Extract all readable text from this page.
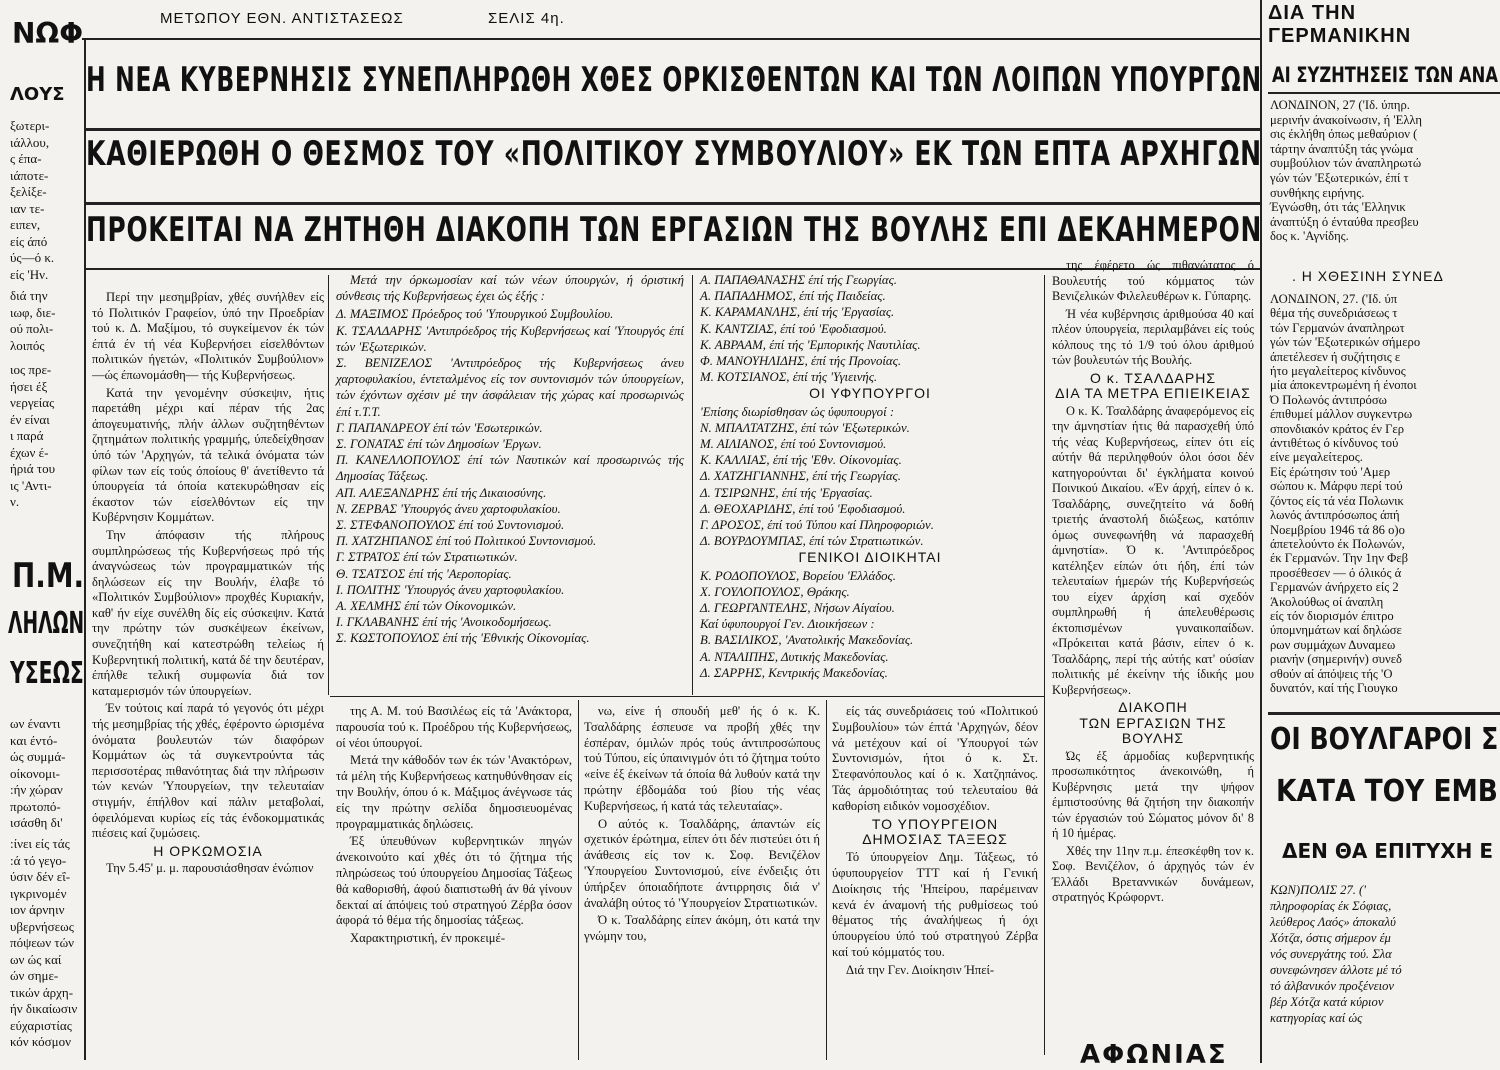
ΜΕΤΩΠΟΥ ΕΘΝ. ΑΝΤΙΣΤΑΣΕΩΣ	ΣΕΛΙΣ 4η.	ΔΙΑ ΤΗΝ ΓΕΡΜΑΝΙΚΗΝ
Η ΝΕΑ ΚΥΒΕΡΝΗΣΙΣ ΣΥΝΕΠΛΗΡΩΘΗ ΧΘΕΣ ΟΡΚΙΣΘΕΝΤΩΝ ΚΑΙ ΤΩΝ ΛΟΙΠΩΝ ΥΠΟΥΡΓΩΝ
ΚΑΘΙΕΡΩΘΗ Ο ΘΕΣΜΟΣ ΤΟΥ «ΠΟΛΙΤΙΚΟΥ ΣΥΜΒΟΥΛΙΟΥ» ΕΚ ΤΩΝ ΕΠΤΑ ΑΡΧΗΓΩΝ
ΠΡΟΚΕΙΤΑΙ ΝΑ ΖΗΤΗΘΗ ΔΙΑΚΟΠΗ ΤΩΝ ΕΡΓΑΣΙΩΝ ΤΗΣ ΒΟΥΛΗΣ ΕΠΙ ΔΕΚΑΗΜΕΡΟΝ
ΝΩΦ
ΛΟΥΣ
ξωτερι-
ιάλλου,
ς έπα-
ιάποτε-
ξελίξε-
ιαν τε-
ειπεν,
είς άπό
ύς—ό κ.
είς 'Ην.
διά την
ιωφ, διε-
ού πολι-
λοιπός
ιος πρε-
ήσει έξ
νεργείας
έν είναι
ι παρά
έχων έ-
ήριά του
ις 'Αντι-
ν.
Π.Μ.
ΛΗΛΩΝ
ΥΣΕΩΣ
ων έναντι
και έντό-
ώς συμμά-
οίκονομι-
:ήν χώραν
πρωτοπό-
ισάσθη δι'
:ίνει είς τάς
:ά τό γεγο-
ύσιν δέν εΐ-
ιγκρινομέν
ιον άρνηιν
υβερνήσεως
πόψεων τών
ων ώς καί
ών σημε-
τικών άρχη-
ήν δικαίωσιν
εύχαριστίας
κόν κόσμον

Περί την μεσημβρίαν, χθές συνήλθεν είς τό Πολιτικόν Γραφείον, ύπό την Προεδρίαν τού κ. Δ. Μαξίμου, τό συγκείμενον έκ τών έπτά έν τή νέα Κυβερνήσει είσελθόντων πολιτικών ήγετών, «Πολιτικόν Συμβούλιον» —ώς έπωνομάσθη— τής Κυβερνήσεως.

Κατά την γενομένην σύσκεψιν, ήτις παρετάθη μέχρι καί πέραν τής 2ας άπογευματινής, πλήν άλλων συζητηθέντων ζητημάτων πολιτικής γραμμής, ύπεδείχθησαν ύπό τών 'Αρχηγών, τά τελικά όνόματα τών φίλων των είς τούς όποίους θ' άνετίθεντο τά ύπουργεία τά όποία κατεκυρώθησαν είς έκαστον τών είσελθόντων είς την Κυβέρνησιν Κομμάτων.

Την άπόφασιν τής πλήρους συμπληρώσεως τής Κυβερνήσεως πρό τής άναγνώσεως τών προγραμματικών τής δηλώσεων είς την Βουλήν, έλαβε τό «Πολιτικόν Συμβούλιον» προχθές Κυριακήν, καθ' ήν είχε συνέλθη δίς είς σύσκεψιν. Κατά την πρώτην τών συσκέψεων έκείνων, συνεζητήθη καί κατεστρώθη τελείως ή Κυβερνητική πολιτική, κατά δέ την δευτέραν, έπήλθε τελική συμφωνία διά τον καταμερισμόν τών ύπουργείων.

Έν τούτοις καί παρά τό γεγονός ότι μέχρι τής μεσημβρίας τής χθές, έφέροντο ώρισμένα όνόματα βουλευτών τών διαφόρων Κομμάτων ώς τά συγκεντρούντα τάς περισσοτέρας πιθανότητας διά την πλήρωσιν τών κενών 'Υπουργείων, την τελευταίαν στιγμήν, έπήλθον καί πάλιν μεταβολαί, όφειλόμεναι κυρίως είς τάς ένδοκομματικάς πιέσεις καί ζυμώσεις.

Η ΟΡΚΩΜΟΣΙΑ

Την 5.45' μ. μ. παρουσιάσθησαν ένώπιον

Μετά την όρκωμοσίαν καί τών νέων ύπουργών, ή όριστική σύνθεσις τής Κυβερνήσεως έχει ώς έξής :

Δ. ΜΑΞΙΜΟΣ Πρόεδρος τού 'Υπουργικού Συμβουλίου.

Κ. ΤΣΑΛΔΑΡΗΣ 'Αντιπρόεδρος τής Κυβερνήσεως καί 'Υπουργός έπί τών 'Εξωτερικών.

Σ. ΒΕΝΙΖΕΛΟΣ 'Αντιπρόεδρος τής Κυβερνήσεως άνευ χαρτοφυλακίου, έντεταλμένος είς τον συντονισμόν τών ύπουργείων, τών έχόντων σχέσιν μέ την άσφάλειαν τής χώρας καί προσωρινώς έπί τ.Τ.Τ.

Γ. ΠΑΠΑΝΔΡΕΟΥ έπί τών 'Εσωτερικών.

Σ. ΓΟΝΑΤΑΣ έπί τών Δημοσίων 'Εργων.

Π. ΚΑΝΕΛΛΟΠΟΥΛΟΣ έπί τών Ναυτικών καί προσωρινώς τής Δημοσίας Τάξεως.

ΑΠ. ΑΛΕΞΑΝΔΡΗΣ έπί τής Δικαιοσύνης.

Ν. ΖΕΡΒΑΣ 'Υπουργός άνευ χαρτοφυλακίου.

Σ. ΣΤΕΦΑΝΟΠΟΥΛΟΣ έπί τού Συντονισμού.

Π. ΧΑΤΖΗΠΑΝΟΣ έπί τού Πολιτικού Συντονισμού.

Γ. ΣΤΡΑΤΟΣ έπί τών Στρατιωτικών.

Θ. ΤΣΑΤΣΟΣ έπί τής 'Αεροπορίας.

Ι. ΠΟΛΙΤΗΣ 'Υπουργός άνευ χαρτοφυλακίου.

Α. ΧΕΛΜΗΣ έπί τών Οίκονομικών.

Ι. ΓΚΛΑΒΑΝΗΣ έπί τής 'Ανοικοδομήσεως.

Σ. ΚΩΣΤΟΠΟΥΛΟΣ έπί τής 'Εθνικής Οίκονομίας.

Α. ΠΑΠΑΘΑΝΑΣΗΣ έπί τής Γεωργίας.

Α. ΠΑΠΑΔΗΜΟΣ, έπί τής Παιδείας.

Κ. ΚΑΡΑΜΑΝΛΗΣ, έπί τής 'Εργασίας.

Κ. ΚΑΝΤΖΙΑΣ, έπί τού 'Εφοδιασμού.

Κ. ΑΒΡΑΑΜ, έπί τής 'Εμπορικής Ναυτιλίας.

Φ. ΜΑΝΟΥΗΛΙΔΗΣ, έπί τής Προνοίας.

Μ. ΚΟΤΣΙΑΝΟΣ, έπί τής 'Υγιεινής.

ΟΙ ΥΦΥΠΟΥΡΓΟΙ

'Επίσης διωρίσθησαν ώς ύφυπουργοί :

Ν. ΜΠΑΛΤΑΤΖΗΣ, έπί τών 'Εξωτερικών.

Μ. ΑΙΛΙΑΝΟΣ, έπί τού Συντονισμού.

Κ. ΚΑΛΛΙΑΣ, έπί τής 'Εθν. Οίκονομίας.

Δ. ΧΑΤΖΗΓΙΑΝΝΗΣ, έπί τής Γεωργίας.

Δ. ΤΣΙΡΩΝΗΣ, έπί τής 'Εργασίας.

Δ. ΘΕΟΧΑΡΙΔΗΣ, έπί τού 'Εφοδιασμού.

Γ. ΔΡΟΣΟΣ, έπί τού Τύπου καί Πληροφοριών.

Δ. ΒΟΥΡΔΟΥΜΠΑΣ, έπί τών Στρατιωτικών.

ΓΕΝΙΚΟΙ ΔΙΟΙΚΗΤΑΙ

Κ. ΡΟΔΟΠΟΥΛΟΣ, Βορείου 'Ελλάδος.

Χ. ΓΟΥΛΟΠΟΥΛΟΣ, Θράκης.

Δ. ΓΕΩΡΓΑΝΤΕΛΗΣ, Νήσων Αίγαίου.

Καί ύφυπουργοί Γεν. Διοικήσεων :

Β. ΒΑΣΙΛΙΚΟΣ, 'Ανατολικής Μακεδονίας.

Α. ΝΤΑΛΙΠΗΣ, Δυτικής Μακεδονίας.

Δ. ΣΑΡΡΗΣ, Κεντρικής Μακεδονίας.

της έφέρετο ώς πιθανώτατος ό Βουλευτής τού κόμματος τών Βενιζελικών Φιλελευθέρων κ. Γύπαρης.

Ή νέα κυβέρνησις άριθμούσα 40 καί πλέον ύπουργεία, περιλαμβάνει είς τούς κόλπους της τό 1/9 τού όλου άριθμού τών βουλευτών τής Βουλής.

Ο κ. ΤΣΑΛΔΑΡΗΣ

ΔΙΑ ΤΑ ΜΕΤΡΑ ΕΠΙΕΙΚΕΙΑΣ

Ο κ. Κ. Τσαλδάρης άναφερόμενος είς την άμνηστίαν ήτις θά παρασχεθή ύπό τής νέας Κυβερνήσεως, είπεν ότι είς αύτήν θά περιληφθούν όλοι όσοι δέν κατηγορούνται δι' έγκλήματα κοινού Ποινικού Δικαίου. «Έν άρχή, είπεν ό κ. Τσαλδάρης, συνεζητείτο νά δοθή τριετής άναστολή διώξεως, κατόπιν όμως συνεφωνήθη νά παρασχεθή άμνηστία». Ό κ. 'Αντιπρόεδρος κατέληξεν είπών ότι ήδη, έπί τών τελευταίων ήμερών τής Κυβερνήσεώς του είχεν άρχίση καί σχεδόν συμπληρωθή ή άπελευθέρωσις έκτοπισμένων γυναικοπαίδων. «Πρόκειται κατά βάσιν, είπεν ό κ. Τσαλδάρης, περί τής αύτής κατ' ούσίαν πολιτικής μέ έκείνην τής ίδικής μου Κυβερνήσεως».

ΔΙΑΚΟΠΗ

ΤΩΝ ΕΡΓΑΣΙΩΝ ΤΗΣ ΒΟΥΛΗΣ

Ώς έξ άρμοδίας κυβερνητικής προσωπικότητος άνεκοινώθη, ή Κυβέρνησις μετά την ψήφον έμπιστοσύνης θά ζητήση την διακοπήν τών έργασιών τού Σώματος μόνον δι' 8 ή 10 ήμέρας.

Χθές την 11ην π.μ. έπεσκέφθη τον κ. Σοφ. Βενιζέλον, ό άρχηγός τών έν Έλλάδι Βρεταννικών δυνάμεων, στρατηγός Κρώφορντ.

της Α. Μ. τού Βασιλέως είς τά 'Ανάκτορα, παρουσία τού κ. Προέδρου τής Κυβερνήσεως, οί νέοι ύπουργοί.

Μετά την κάθοδόν των έκ τών 'Ανακτόρων, τά μέλη τής Κυβερνήσεως κατηυθύνθησαν είς την Βουλήν, όπου ό κ. Μάξιμος άνέγνωσε τάς είς την πρώτην σελίδα δημοσιευομένας προγραμματικάς δηλώσεις.

Έξ ύπευθύνων κυβερνητικών πηγών άνεκοινούτο καί χθές ότι τό ζήτημα τής πληρώσεως τού ύπουργείου Δημοσίας Τάξεως θά καθορισθή, άφού διαπιστωθή άν θά γίνουν δεκταί αί άπόψεις τού στρατηγού Ζέρβα όσον άφορά τό θέμα τής δημοσίας τάξεως.

Χαρακτηριστική, έν προκειμέ-

νω, είνε ή σπουδή μεθ' ής ό κ. Κ. Τσαλδάρης έσπευσε να προβή χθές την έσπέραν, όμιλών πρός τούς άντιπροσώπους τού Τύπου, είς ύπαινιγμόν ότι τό ζήτημα τούτο «είνε έξ έκείνων τά όποία θά λυθούν κατά την πρώτην έβδομάδα τού βίου τής νέας Κυβερνήσεως, ή κατά τάς τελευταίας».

Ο αύτός κ. Τσαλδάρης, άπαντών είς σχετικόν έρώτημα, είπεν ότι δέν πιστεύει ότι ή άνάθεσις είς τον κ. Σοφ. Βενιζέλον 'Υπουργείου Συντονισμού, είνε ένδειξις ότι ύπήρξεν όποιαδήποτε άντιρρησις διά ν' άναλάβη ούτος τό 'Υπουργείον Στρατιωτικών.

Ό κ. Τσαλδάρης είπεν άκόμη, ότι κατά την γνώμην του,

είς τάς συνεδριάσεις τού «Πολιτικού Συμβουλίου» τών έπτά 'Αρχηγών, δέον νά μετέχουν καί οί 'Υπουργοί τών Συντονισμών, ήτοι ό κ. Στ. Στεφανόπουλος καί ό κ. Χατζηπάνος. Τάς άρμοδιότητας τού τελευταίου θά καθορίση ειδικόν νομοσχέδιον.

ΤΟ ΥΠΟΥΡΓΕΙΟΝ

ΔΗΜΟΣΙΑΣ ΤΑΞΕΩΣ

Τό ύπουργείον Δημ. Τάξεως, τό ύφυπουργείον ΤΤΤ καί ή Γενική Διοίκησις τής 'Ηπείρου, παρέμειναν κενά έν άναμονή τής ρυθμίσεως τού θέματος τής άναλήψεως ή όχι ύπουργείου ύπό τού στρατηγού Ζέρβα καί τού κόμματός του.

Διά την Γεν. Διοίκησιν Ήπεί-

ΑΦΩΝΙΑΣ
ΑΙ ΣΥΖΗΤΗΣΕΙΣ ΤΩΝ ΑΝΑ
ΛΟΝΔΙΝΟΝ, 27 ('Ιδ. ύπηρ.
μερινήν άνακοίνωσιν, ή 'Ελλη
σις έκλήθη όπως μεθαύριον (
τάρτην άναπτύξη τάς γνώμα
συμβούλιον τών άναπληρωτώ
γών τών 'Εξωτερικών, έπί τ
συνθήκης ειρήνης.
Έγνώσθη, ότι τάς 'Ελληνικ
άναπτύξη ό ένταύθα πρεσβευ
δος κ. 'Αγνίδης.
. Η ΧΘΕΣΙΝΗ ΣΥΝΕΔ
ΛΟΝΔΙΝΟΝ, 27. ('Ιδ. ύπ
θέμα τής συνεδριάσεως τ
τών Γερμανών άναπληρωτ
γών τών 'Εξωτερικών σήμερο
άπετέλεσεν ή συζήτησις ε
ήτο μεγαλείτερος κίνδυνος
μία άποκεντρωμένη ή ένοποι
Ό Πολωνός άντιπρόσω
έπιθυμεί μάλλον συγκεντρω
σπονδιακόν κράτος έν Γερ
άντιθέτως ό κίνδυνος τού
είνε μεγαλείτερος.
Είς έρώτησιν τού 'Αμερ
σώπου κ. Μάρφυ περί τού
ζόντος είς τά νέα Πολωνικ
λωνός άντιπρόσωπος άπή
Νοεμβρίου 1946 τά 86 ο)ο
άπετελούντο έκ Πολωνών,
έκ Γερμανών. Την 1ην Φεβ
προσέθεσεν — ό όλικός ά
Γερμανών άνήρχετο είς 2
Άκολούθως οί άναπλη
είς τόν διορισμόν έπιτρο
ύπομνημάτων καί δηλώσε
ρων συμμάχων Δυναμεω
ριανήν (σημερινήν) συνεδ
σθούν αί άπόψεις τής 'Ο
δυνατόν, καί τής Γιουγκο
ΟΙ ΒΟΥΛΓΑΡΟΙ Σ
ΚΑΤΑ ΤΟΥ ΕΜΒ
ΔΕΝ ΘΑ ΕΠΙΤΥΧΗ Ε
ΚΩΝ)ΠΟΛΙΣ 27. ('
πληροφορίας έκ Σόφιας,
λεύθερος Λαός» άποκαλύ
Χότζα, όστις σήμερον έμ
νός συνεργάτης τού. Σλα
συνεφώνησεν άλλοτε μέ τό
τό άλβανικόν προξένειον
βέρ Χότζα κατά κύριον
κατηγορίας καί ώς
